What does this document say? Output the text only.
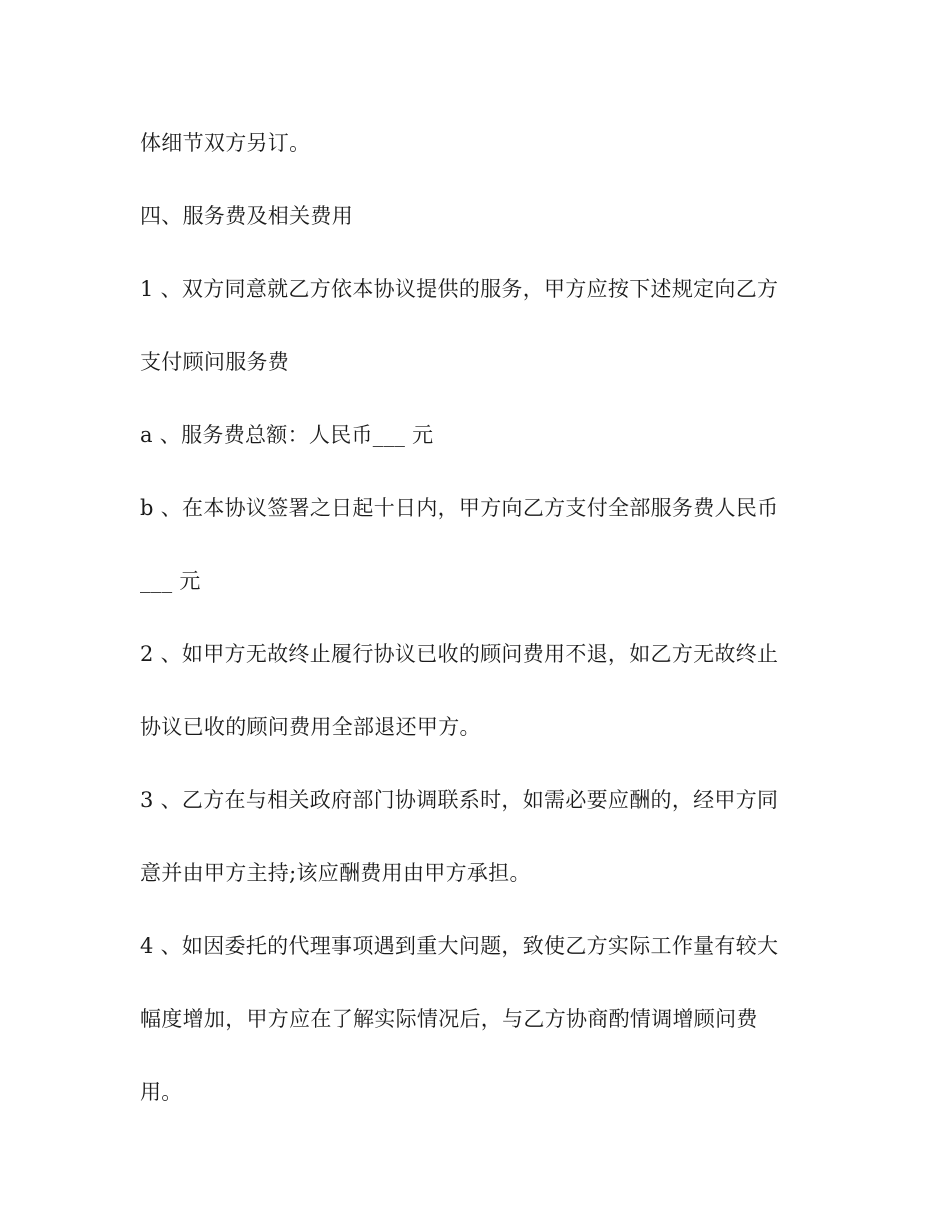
体细节双方另订。
四、服务费及相关费用
1 、双方同意就乙方依本协议提供的服务，甲方应按下述规定向乙方
支付顾问服务费
a 、服务费总额：人民币___ 元
b 、在本协议签署之日起十日内，甲方向乙方支付全部服务费人民币
___ 元
2 、如甲方无故终止履行协议已收的顾问费用不退，如乙方无故终止
协议已收的顾问费用全部退还甲方。
3 、乙方在与相关政府部门协调联系时，如需必要应酬的，经甲方同
意并由甲方主持;该应酬费用由甲方承担。
4 、如因委托的代理事项遇到重大问题，致使乙方实际工作量有较大
幅度增加，甲方应在了解实际情况后，与乙方协商酌情调增顾问费
用。
